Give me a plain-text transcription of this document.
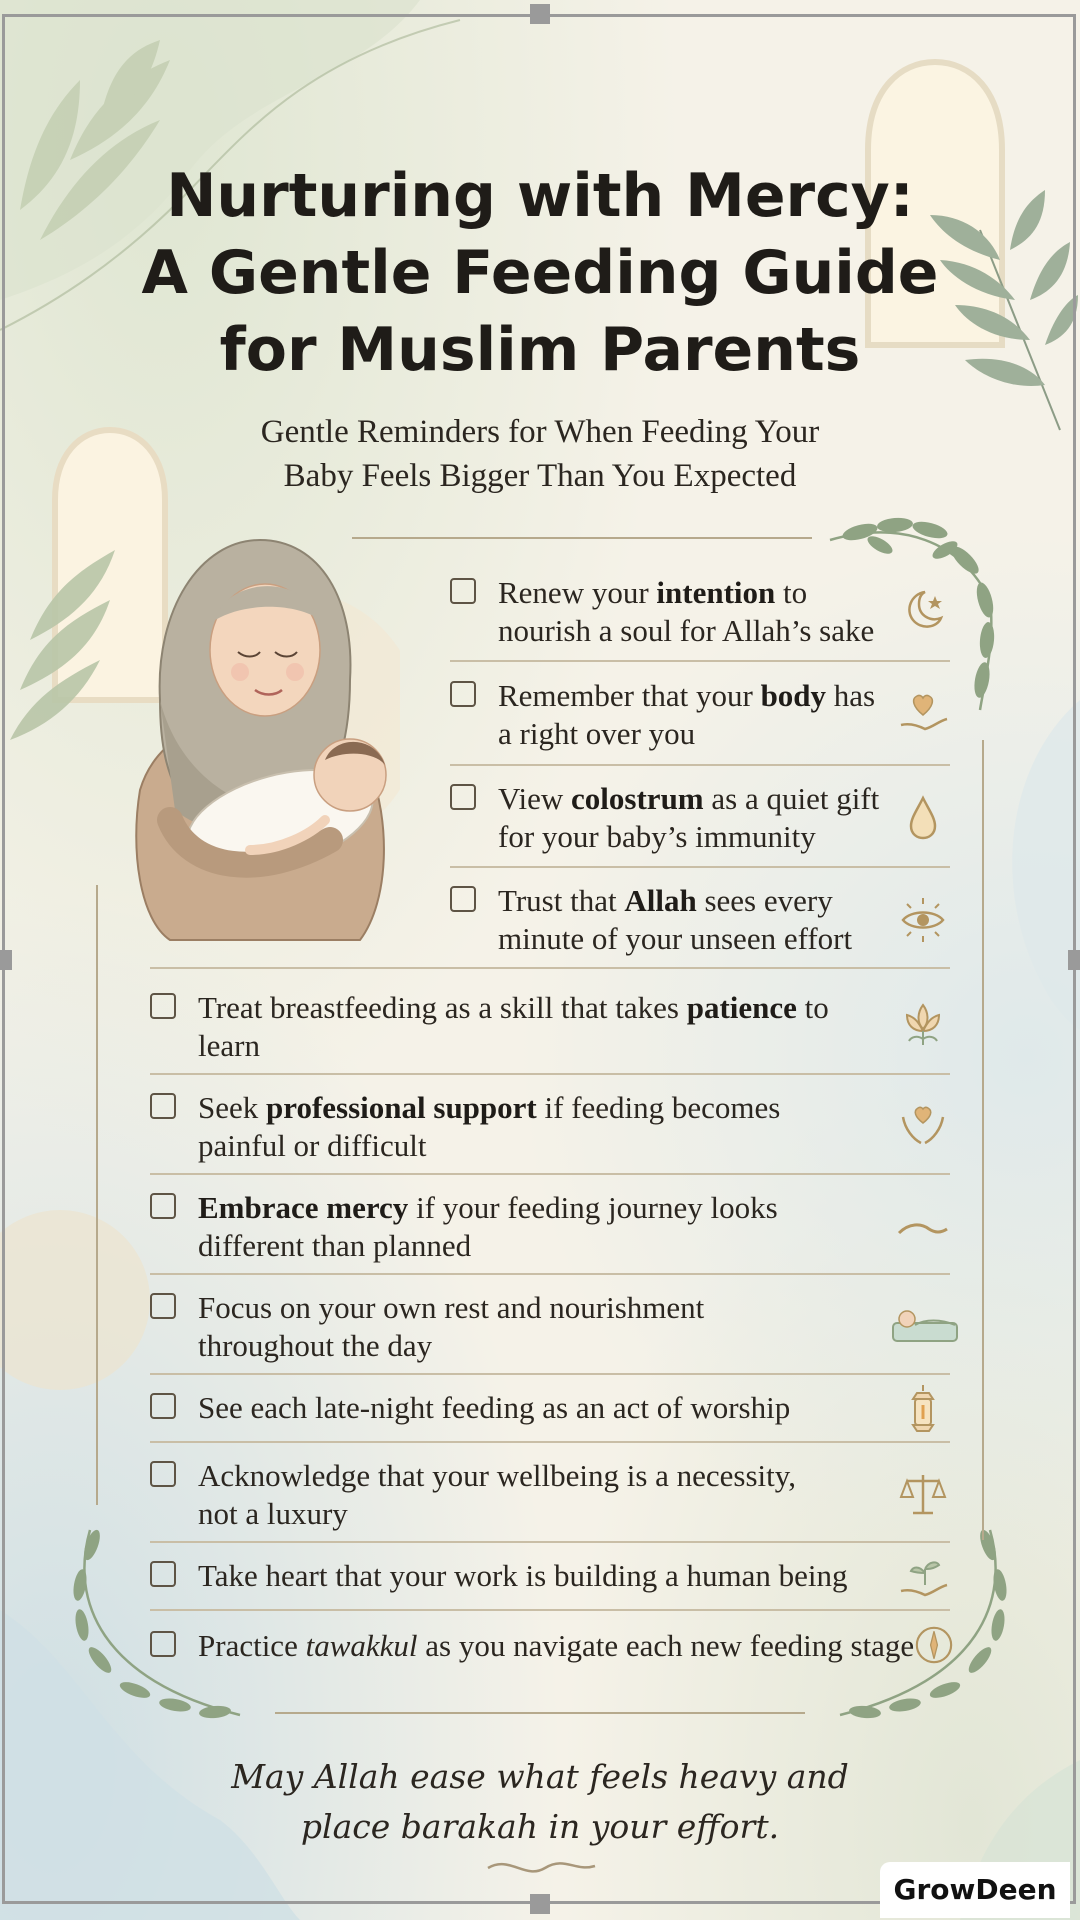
Nurturing with Mercy:
A Gentle Feeding Guide
for Muslim Parents
Gentle Reminders for When Feeding Your
Baby Feels Bigger Than You Expected
Renew your intention to
nourish a soul for Allah’s sake
Remember that your body has
a right over you
View colostrum as a quiet gift
for your baby’s immunity
Trust that Allah sees every
minute of your unseen effort
Treat breastfeeding as a skill that takes patience to
learn
Seek professional support if feeding becomes
painful or difficult
Embrace mercy if your feeding journey looks
different than planned
Focus on your own rest and nourishment
throughout the day
See each late-night feeding as an act of worship
Acknowledge that your wellbeing is a necessity,
not a luxury
Take heart that your work is building a human being
Practice tawakkul as you navigate each new feeding stage
May Allah ease what feels heavy and
place barakah in your effort.
GrowDeen
